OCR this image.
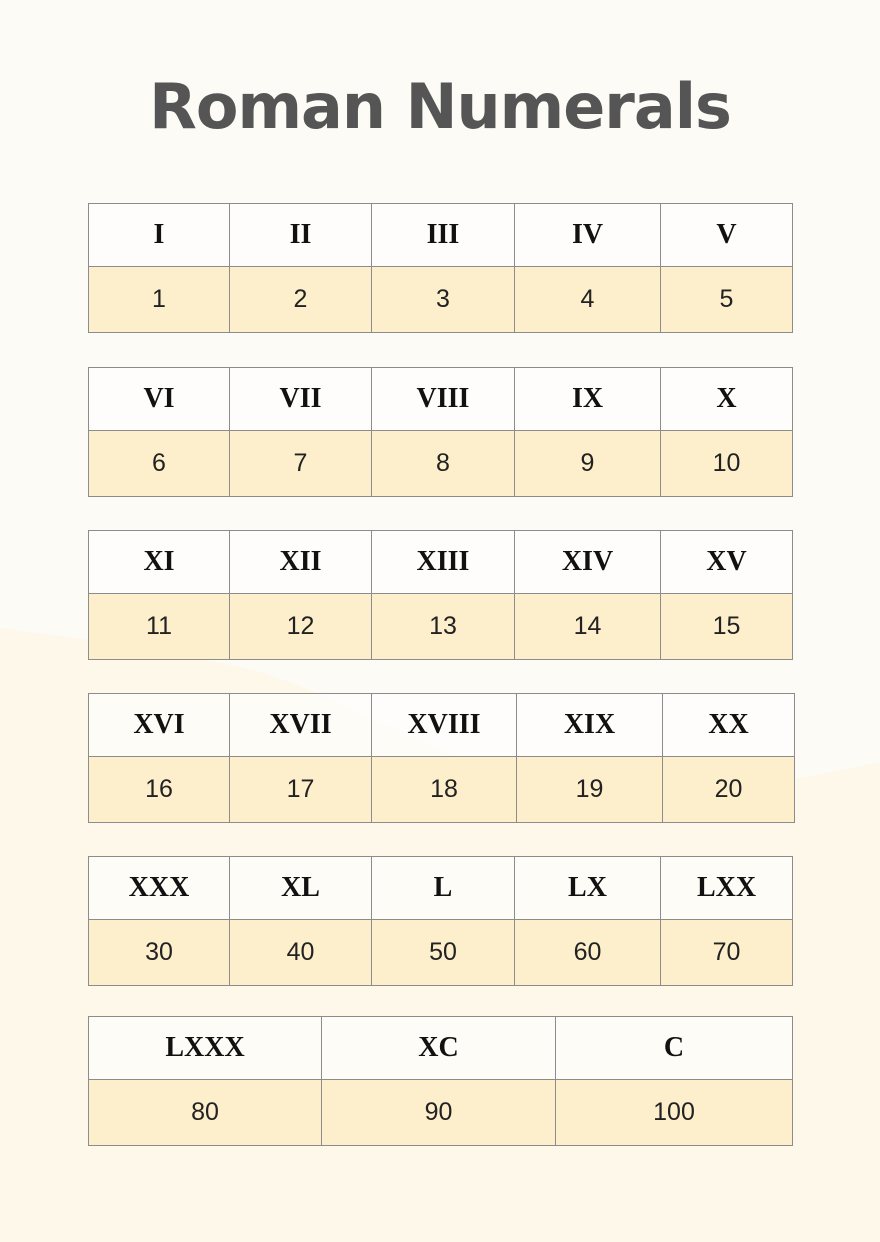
Roman Numerals
I	II	III	IV	V
1	2	3	4	5
VI	VII	VIII	IX	X
6	7	8	9	10
XI	XII	XIII	XIV	XV
11	12	13	14	15
XVI	XVII	XVIII	XIX	XX
16	17	18	19	20
XXX	XL	L	LX	LXX
30	40	50	60	70
LXXX	XC	C
80	90	100
